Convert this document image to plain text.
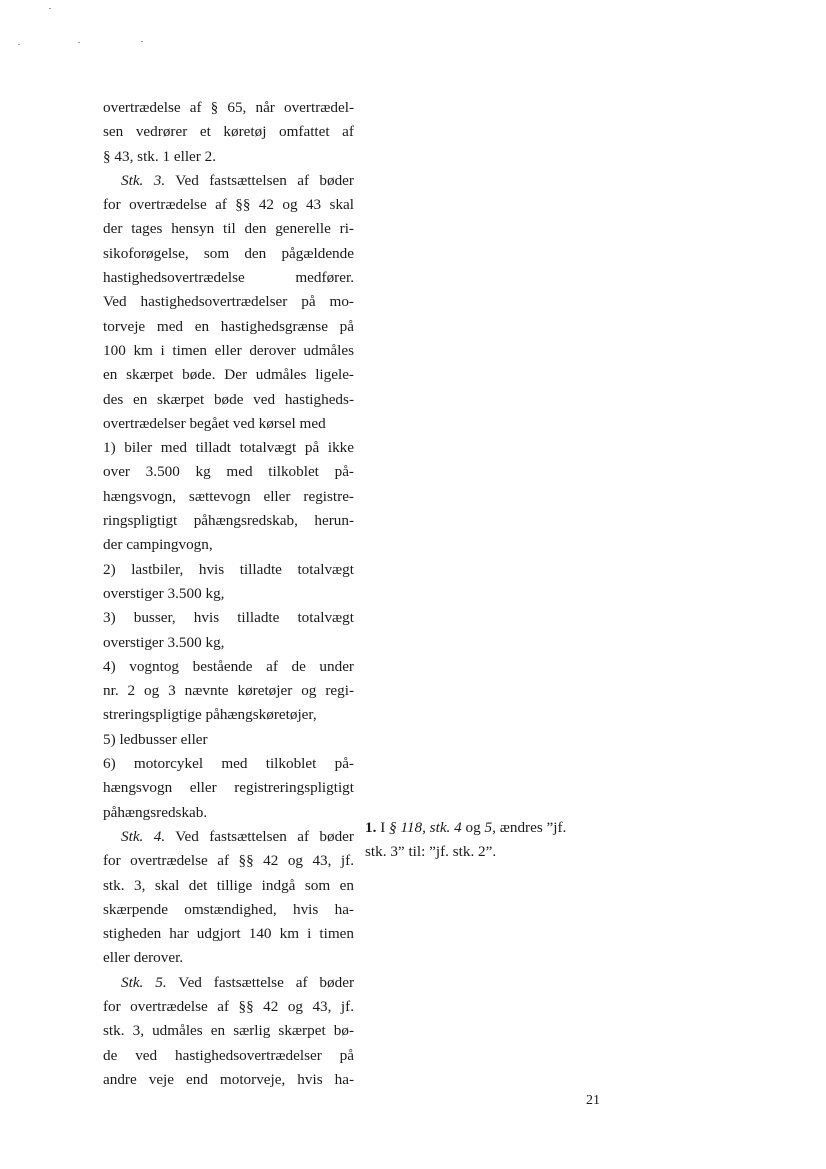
overtrædelse af § 65, når overtrædel-
sen vedrører et køretøj omfattet af
§ 43, stk. 1 eller 2.
Stk. 3. Ved fastsættelsen af bøder
for overtrædelse af §§ 42 og 43 skal
der tages hensyn til den generelle ri-
sikoforøgelse, som den pågældende
hastighedsovertrædelse medfører.
Ved hastighedsovertrædelser på mo-
torveje med en hastighedsgrænse på
100 km i timen eller derover udmåles
en skærpet bøde. Der udmåles ligele-
des en skærpet bøde ved hastigheds-
overtrædelser begået ved kørsel med
1) biler med tilladt totalvægt på ikke
over 3.500 kg med tilkoblet på-
hængsvogn, sættevogn eller registre-
ringspligtigt påhængsredskab, herun-
der campingvogn,
2) lastbiler, hvis tilladte totalvægt
overstiger 3.500 kg,
3) busser, hvis tilladte totalvægt
overstiger 3.500 kg,
4) vogntog bestående af de under
nr. 2 og 3 nævnte køretøjer og regi-
streringspligtige påhængskøretøjer,
5) ledbusser eller
6) motorcykel med tilkoblet på-
hængsvogn eller registreringspligtigt
påhængsredskab.
Stk. 4. Ved fastsættelsen af bøder
for overtrædelse af §§ 42 og 43, jf.
stk. 3, skal det tillige indgå som en
skærpende omstændighed, hvis ha-
stigheden har udgjort 140 km i timen
eller derover.
Stk. 5. Ved fastsættelse af bøder
for overtrædelse af §§ 42 og 43, jf.
stk. 3, udmåles en særlig skærpet bø-
de ved hastighedsovertrædelser på
andre veje end motorveje, hvis ha-
1. I § 118, stk. 4 og 5, ændres ”jf.
stk. 3” til: ”jf. stk. 2”.
21
